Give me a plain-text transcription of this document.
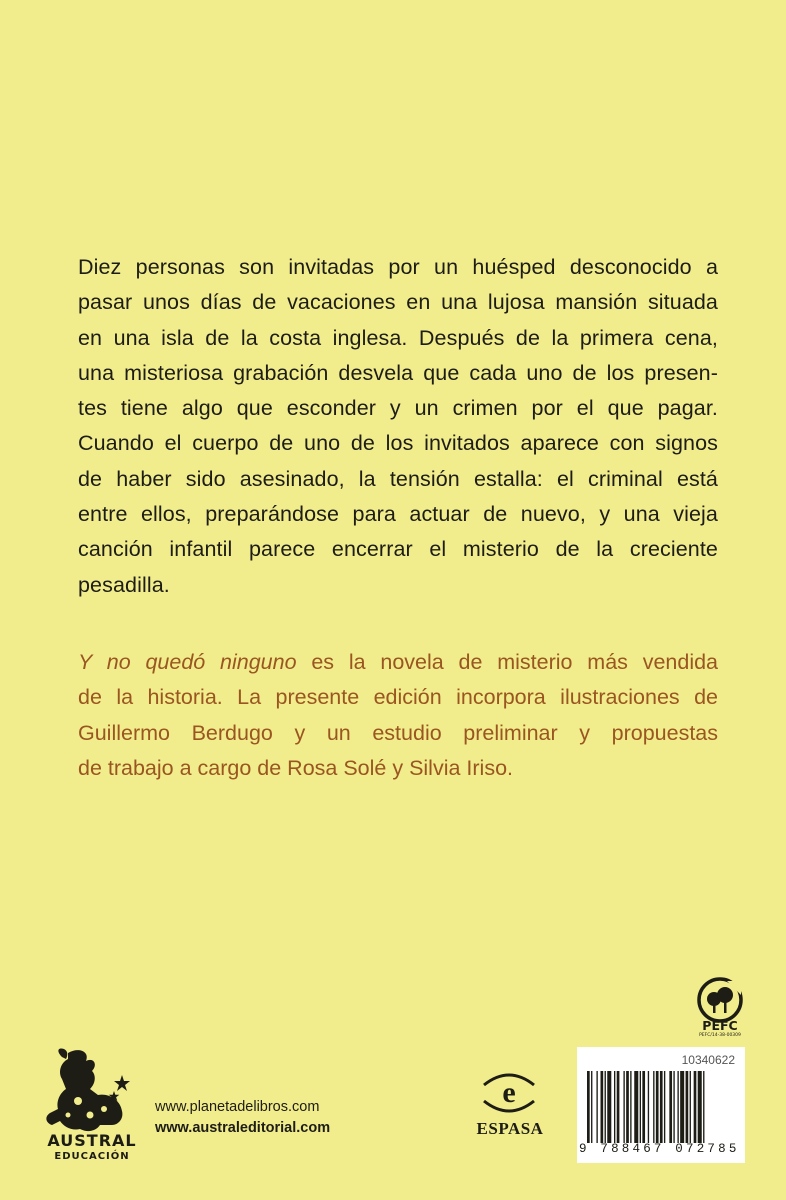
Diez personas son invitadas por un huésped desconocido a
pasar unos días de vacaciones en una lujosa mansión situada
en una isla de la costa inglesa. Después de la primera cena,
una misteriosa grabación desvela que cada uno de los presen-
tes tiene algo que esconder y un crimen por el que pagar.
Cuando el cuerpo de uno de los invitados aparece con signos
de haber sido asesinado, la tensión estalla: el criminal está
entre ellos, preparándose para actuar de nuevo, y una vieja
canción infantil parece encerrar el misterio de la creciente
pesadilla.
Y no quedó ninguno es la novela de misterio más vendida
de la historia. La presente edición incorpora ilustraciones de
Guillermo Berdugo y un estudio preliminar y propuestas
de trabajo a cargo de Rosa Solé y Silvia Iriso.
AUSTRAL
EDUCACIÓN
www.planetadelibros.com
www.australeditorial.com
e
ESPASA
PEFC
PEFC/14-38-00309
10340622
9 788467 072785
